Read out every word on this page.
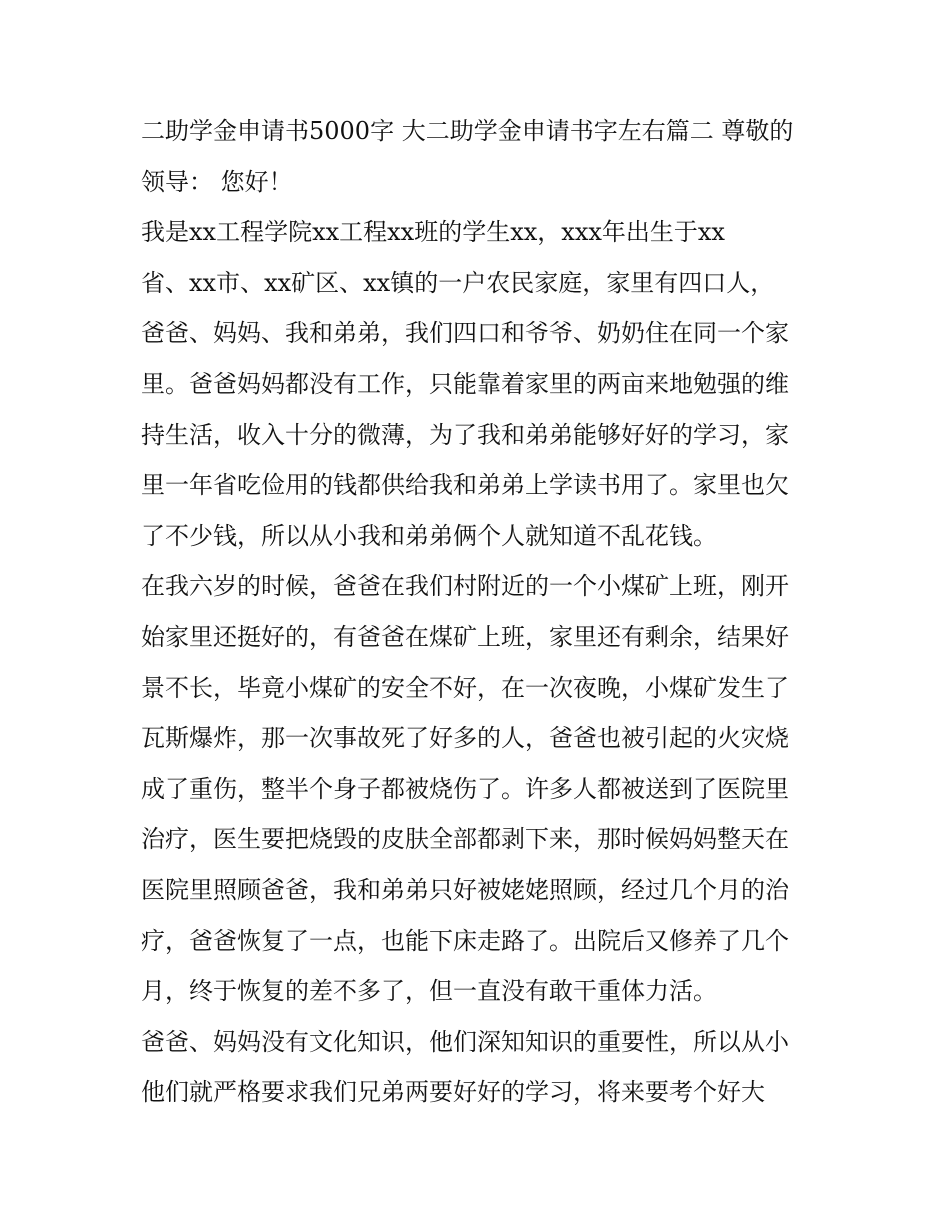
二助学金申请书5000字 大二助学金申请书字左右篇二 尊敬的
领导： 您好！
我是xx工程学院xx工程xx班的学生xx，xxx年出生于xx
省、xx市、xx矿区、xx镇的一户农民家庭，家里有四口人，
爸爸、妈妈、我和弟弟，我们四口和爷爷、奶奶住在同一个家
里。爸爸妈妈都没有工作，只能靠着家里的两亩来地勉强的维
持生活，收入十分的微薄，为了我和弟弟能够好好的学习，家
里一年省吃俭用的钱都供给我和弟弟上学读书用了。家里也欠
了不少钱，所以从小我和弟弟俩个人就知道不乱花钱。
在我六岁的时候，爸爸在我们村附近的一个小煤矿上班，刚开
始家里还挺好的，有爸爸在煤矿上班，家里还有剩余，结果好
景不长，毕竟小煤矿的安全不好，在一次夜晚，小煤矿发生了
瓦斯爆炸，那一次事故死了好多的人，爸爸也被引起的火灾烧
成了重伤，整半个身子都被烧伤了。许多人都被送到了医院里
治疗，医生要把烧毁的皮肤全部都剥下来，那时候妈妈整天在
医院里照顾爸爸，我和弟弟只好被姥姥照顾，经过几个月的治
疗，爸爸恢复了一点，也能下床走路了。出院后又修养了几个
月，终于恢复的差不多了，但一直没有敢干重体力活。
爸爸、妈妈没有文化知识，他们深知知识的重要性，所以从小
他们就严格要求我们兄弟两要好好的学习，将来要考个好大
